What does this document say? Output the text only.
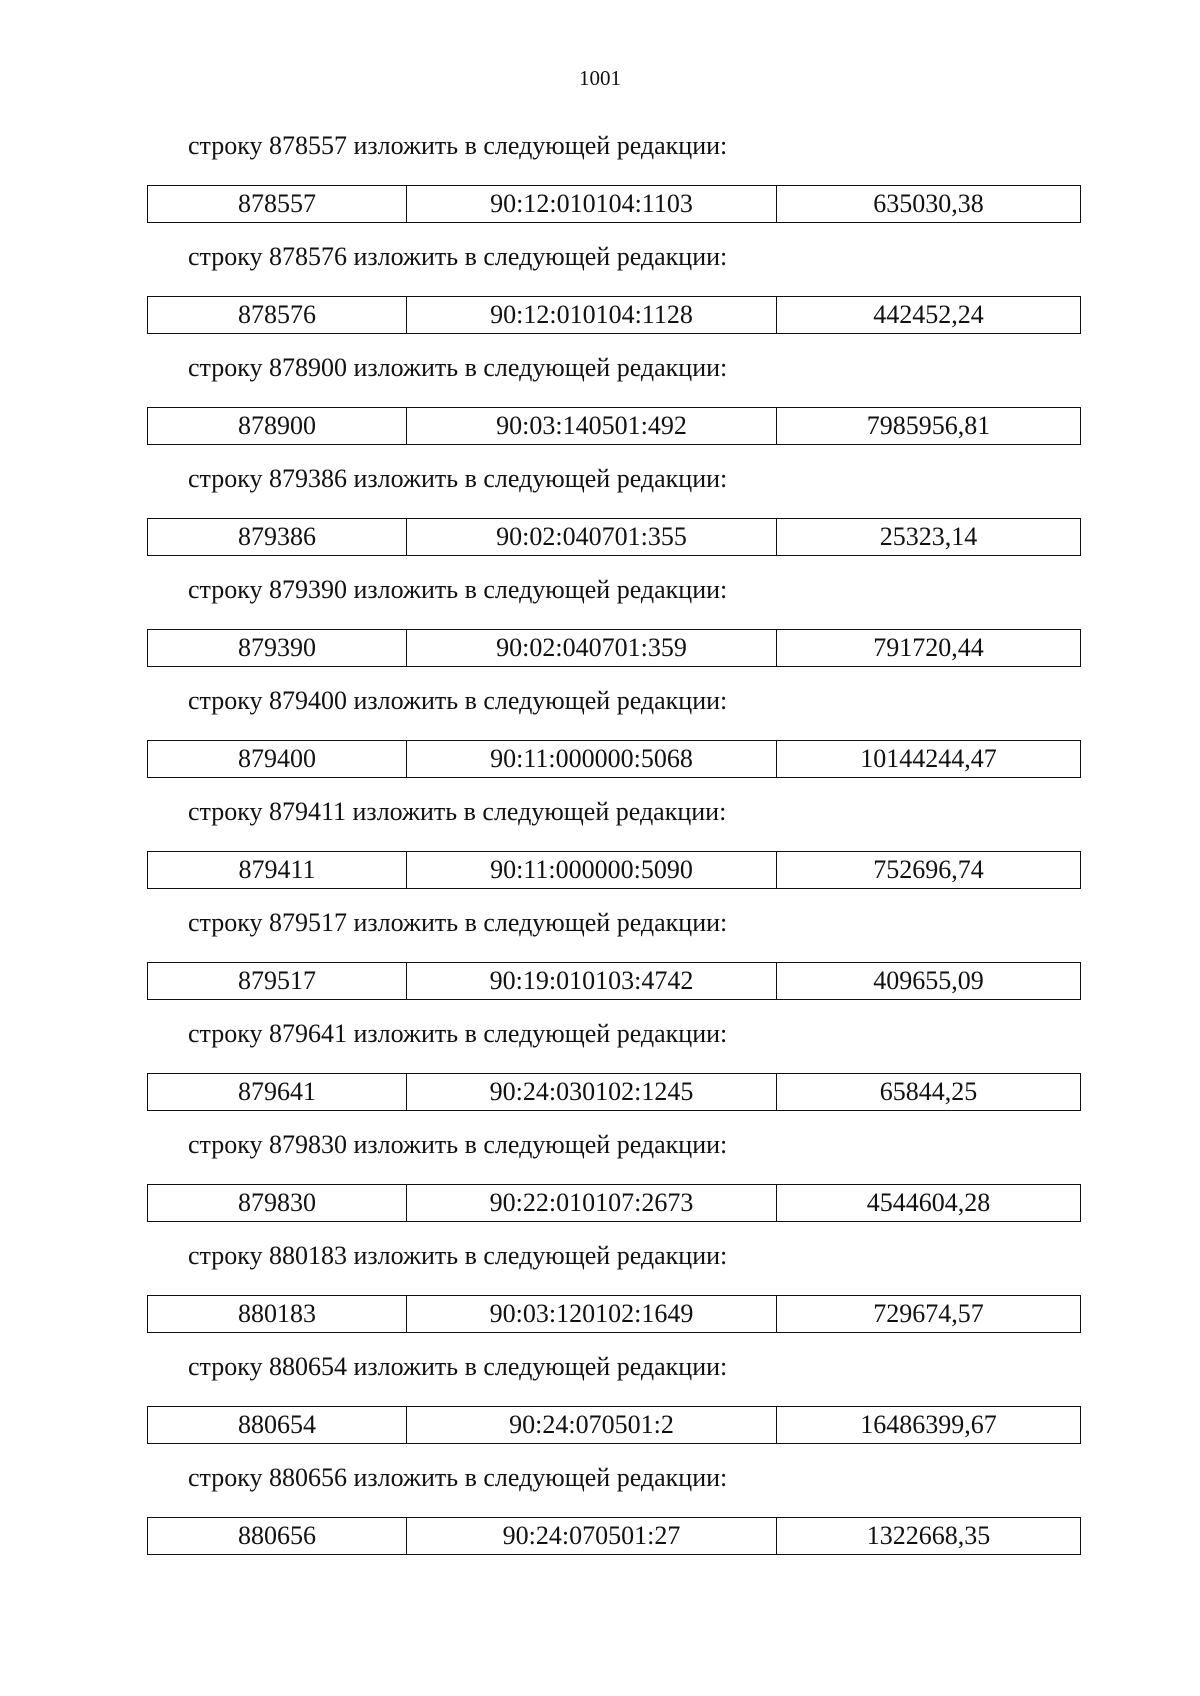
1001
строку 878557 изложить в следующей редакции:
878557	90:12:010104:1103	635030,38
строку 878576 изложить в следующей редакции:
878576	90:12:010104:1128	442452,24
строку 878900 изложить в следующей редакции:
878900	90:03:140501:492	7985956,81
строку 879386 изложить в следующей редакции:
879386	90:02:040701:355	25323,14
строку 879390 изложить в следующей редакции:
879390	90:02:040701:359	791720,44
строку 879400 изложить в следующей редакции:
879400	90:11:000000:5068	10144244,47
строку 879411 изложить в следующей редакции:
879411	90:11:000000:5090	752696,74
строку 879517 изложить в следующей редакции:
879517	90:19:010103:4742	409655,09
строку 879641 изложить в следующей редакции:
879641	90:24:030102:1245	65844,25
строку 879830 изложить в следующей редакции:
879830	90:22:010107:2673	4544604,28
строку 880183 изложить в следующей редакции:
880183	90:03:120102:1649	729674,57
строку 880654 изложить в следующей редакции:
880654	90:24:070501:2	16486399,67
строку 880656 изложить в следующей редакции:
880656	90:24:070501:27	1322668,35
